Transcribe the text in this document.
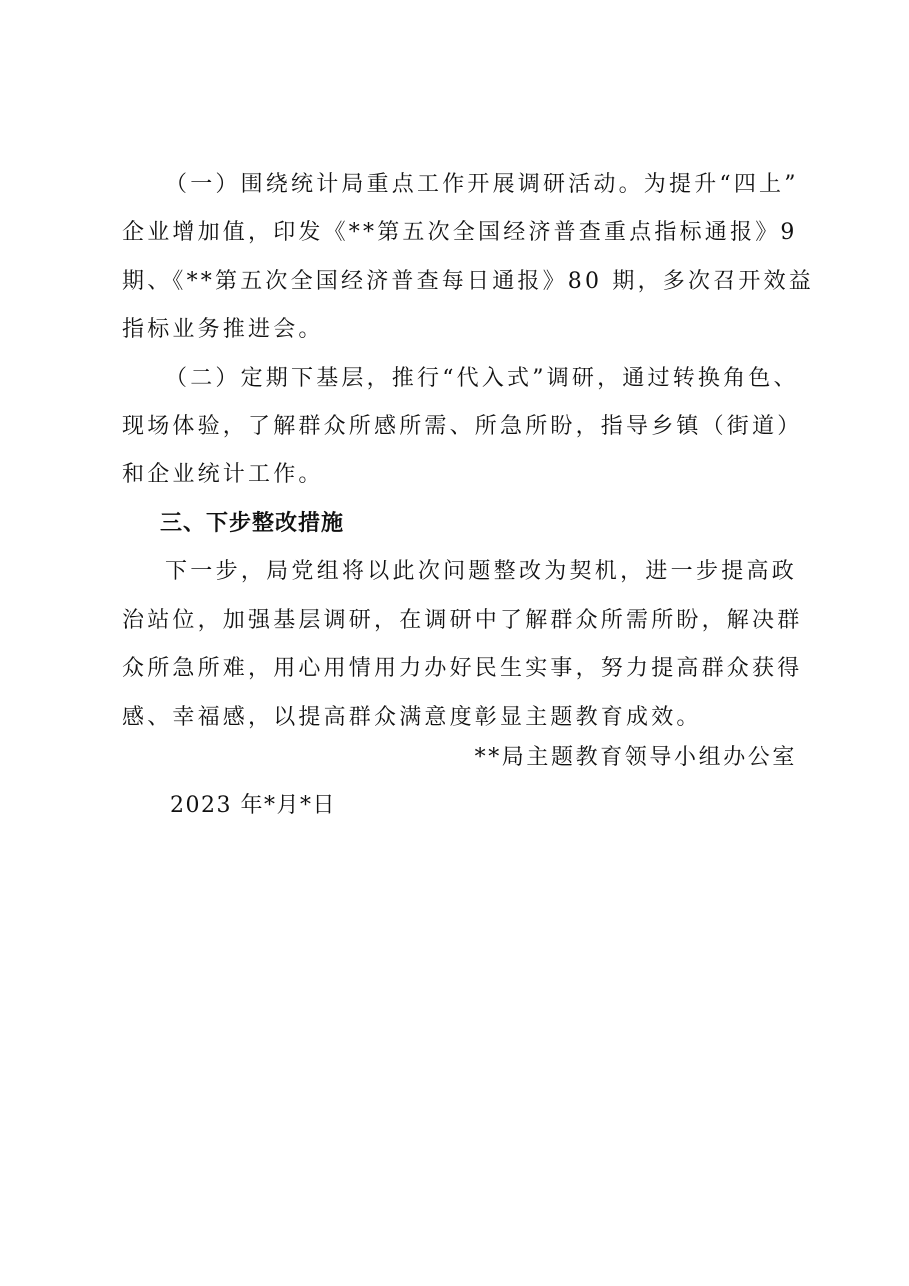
（一）围绕统计局重点工作开展调研活动。为提升“四上”
企业增加值，印发《**第五次全国经济普查重点指标通报》9
期、《**第五次全国经济普查每日通报》80 期，多次召开效益
指标业务推进会。
（二）定期下基层，推行“代入式”调研，通过转换角色、
现场体验，了解群众所感所需、所急所盼，指导乡镇（街道）
和企业统计工作。
三、下步整改措施
下一步，局党组将以此次问题整改为契机，进一步提高政
治站位，加强基层调研，在调研中了解群众所需所盼，解决群
众所急所难，用心用情用力办好民生实事，努力提高群众获得
感、幸福感，以提高群众满意度彰显主题教育成效。
**局主题教育领导小组办公室
2023 年*月*日
